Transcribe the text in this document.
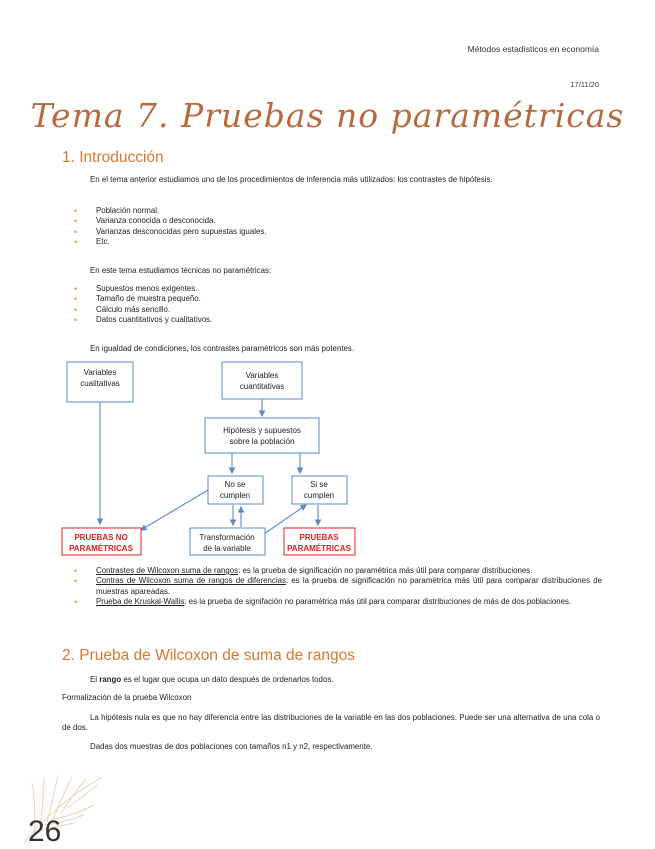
Métodos estadísticos en economía
17/11/20
Tema 7. Pruebas no paramétricas
1. Introducción
En el tema anterior estudiamos uno de los procedimientos de inferencia más utilizados: los contrastes de hipótesis.
• Población normal.
• Varianza conocida o desconocida.
• Varianzas desconocidas pero supuestas iguales.
• Etc.
En este tema estudiamos técnicas no paramétricas:
• Supuestos menos exigentes.
• Tamaño de muestra pequeño.
• Cálculo más sencillo.
• Datos cuantitativos y cualitativos.
En igualdad de condiciones, los contrastes paramétricos son más potentes.
Variables
cualitativas
Variables
cuantitativas
Hipótesis y supuestos
sobre la población
No se
cumplen
Si se
cumplen
Transformación
de la variable
PRUEBAS NO
PARAMÉTRICAS
PRUEBAS
PARAMÉTRICAS
• Contrastes de Wilcoxon suma de rangos: es la prueba de significación no paramétrica más útil para comparar distribuciones.
• Contras de Wilcoxon suma de rangos de diferencias: es la prueba de significación no paramétrica más útil para comparar distribuciones de muestras apareadas.
• Prueba de Kruskal-Wallis: es la prueba de signifación no paramétrica más útil para comparar distribuciones de más de dos poblaciones.
2. Prueba de Wilcoxon de suma de rangos
El rango es el lugar que ocupa un dato después de ordenarlos todos.
Formalización de la prueba Wilcoxon
La hipótesis nula es que no hay diferencia entre las distribuciones de la variable en las dos poblaciones. Puede ser una alternativa de una cola o de dos.
Dadas dos muestras de dos poblaciones con tamaños n1 y n2, respectivamente.
26
